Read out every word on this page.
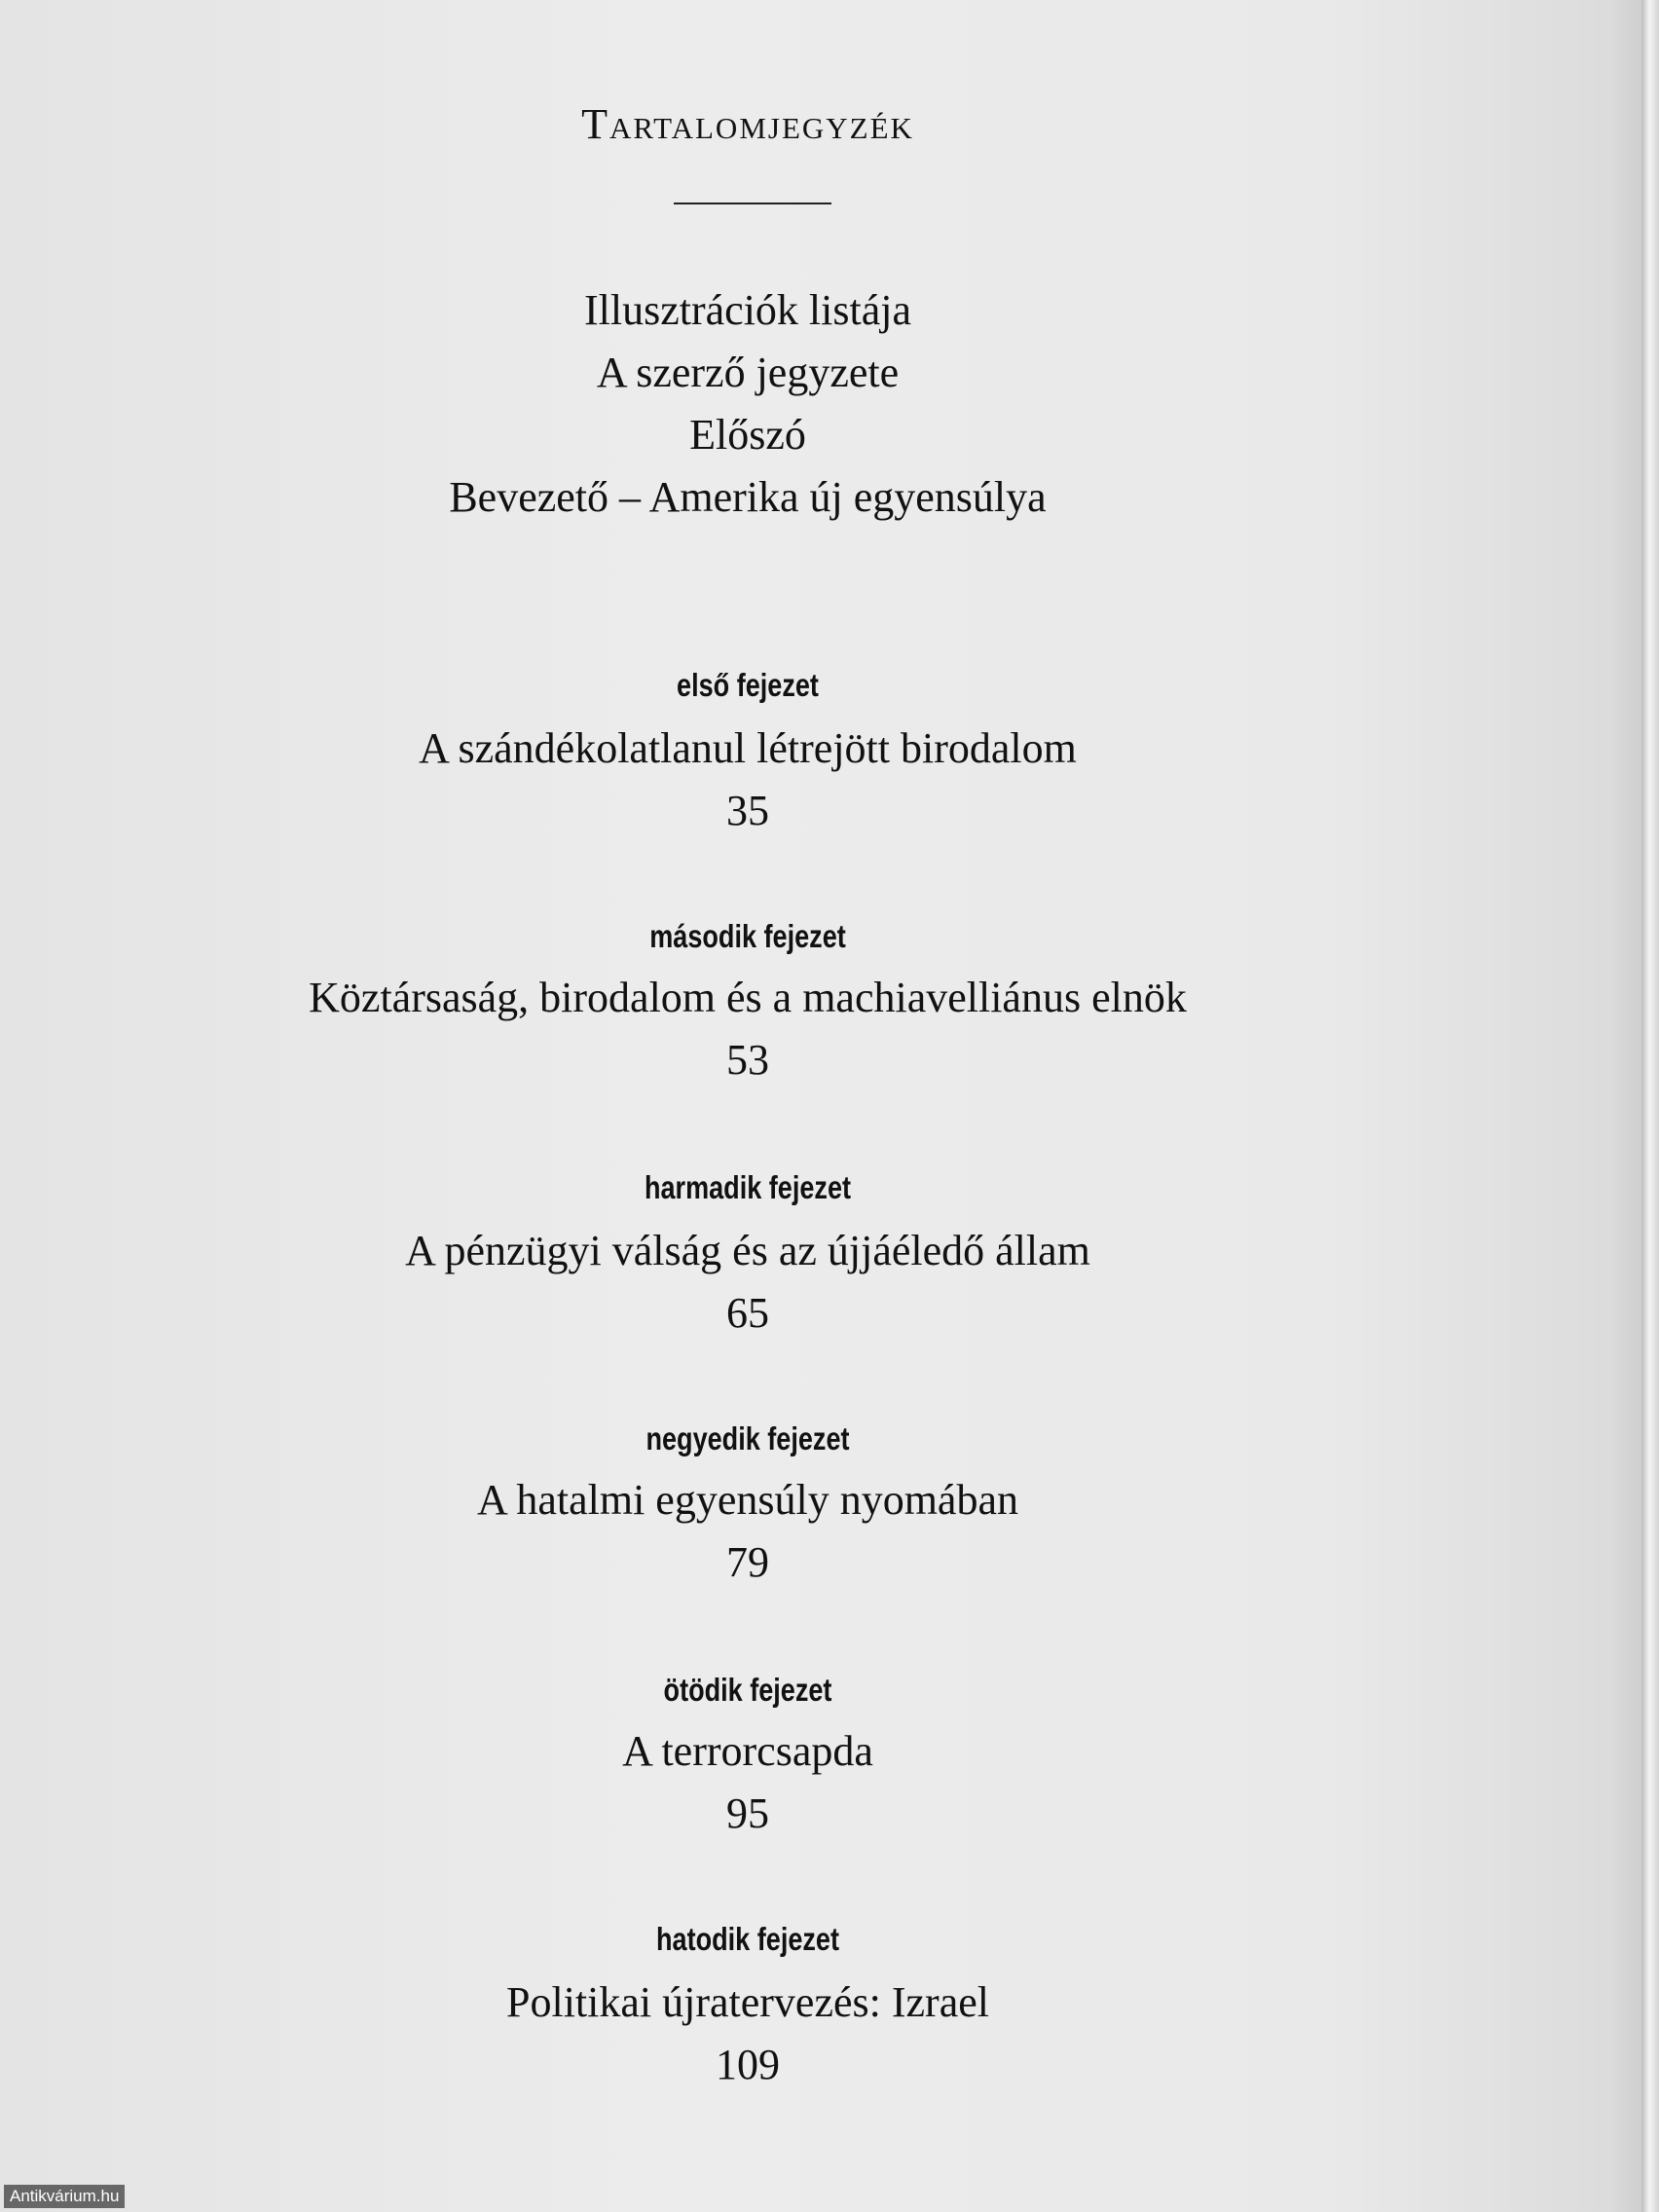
Tartalomjegyzék
Illusztrációk listája
A szerző jegyzete
Előszó
Bevezető – Amerika új egyensúlya
első fejezet
A szándékolatlanul létrejött birodalom
35
második fejezet
Köztársaság, birodalom és a machiavelliánus elnök
53
harmadik fejezet
A pénzügyi válság és az újjáéledő állam
65
negyedik fejezet
A hatalmi egyensúly nyomában
79
ötödik fejezet
A terrorcsapda
95
hatodik fejezet
Politikai újratervezés: Izrael
109
Antikvárium.hu
